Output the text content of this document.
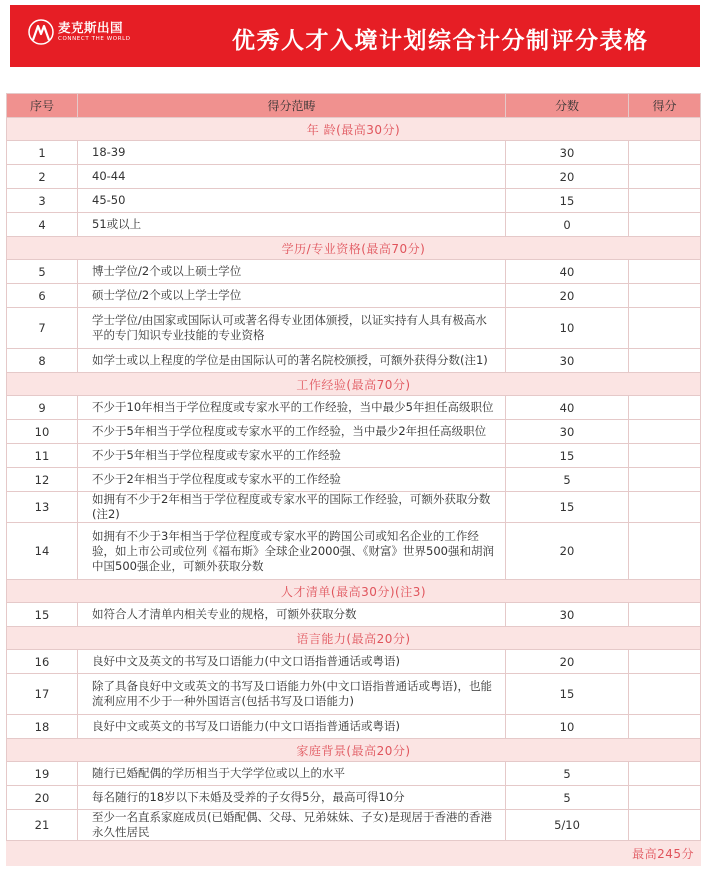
麦克斯出国
CONNECT THE WORLD	优秀人才入境计划综合计分制评分表格
序号	得分范畴	分数	得分
年 龄(最高30分)			
1	18-39	30	
2	40-44	20	
3	45-50	15	
4	51或以上	0	
学历/专业资格(最高70分)			
5	博士学位/2个或以上硕士学位	40	
6	硕士学位/2个或以上学士学位	20	
7	学士学位/由国家或国际认可或著名得专业团体颁授，以证实持有人具有极高水平的专门知识专业技能的专业资格	10	
8	如学士或以上程度的学位是由国际认可的著名院校颁授，可额外获得分数(注1)	30	
工作经验(最高70分)			
9	不少于10年相当于学位程度或专家水平的工作经验，当中最少5年担任高级职位	40	
10	不少于5年相当于学位程度或专家水平的工作经验，当中最少2年担任高级职位	30	
11	不少于5年相当于学位程度或专家水平的工作经验	15	
12	不少于2年相当于学位程度或专家水平的工作经验	5	
13	如拥有不少于2年相当于学位程度或专家水平的国际工作经验，可额外获取分数(注2)	15	
14	如拥有不少于3年相当于学位程度或专家水平的跨国公司或知名企业的工作经验，如上市公司或位列《福布斯》全球企业2000强、《财富》世界500强和胡润中国500强企业，可额外获取分数	20	
人才清单(最高30分)(注3)			
15	如符合人才清单内相关专业的规格，可额外获取分数	30	
语言能力(最高20分)			
16	良好中文及英文的书写及口语能力(中文口语指普通话或粤语)	20	
17	除了具备良好中文或英文的书写及口语能力外(中文口语指普通话或粤语)，也能流利应用不少于一种外国语言(包括书写及口语能力)	15	
18	良好中文或英文的书写及口语能力(中文口语指普通话或粤语)	10	
家庭背景(最高20分)			
19	随行已婚配偶的学历相当于大学学位或以上的水平	5	
20	每名随行的18岁以下未婚及受养的子女得5分，最高可得10分	5	
21	至少一名直系家庭成员(已婚配偶、父母、兄弟妹妹、子女)是现居于香港的香港永久性居民	5/10	
最高245分			
